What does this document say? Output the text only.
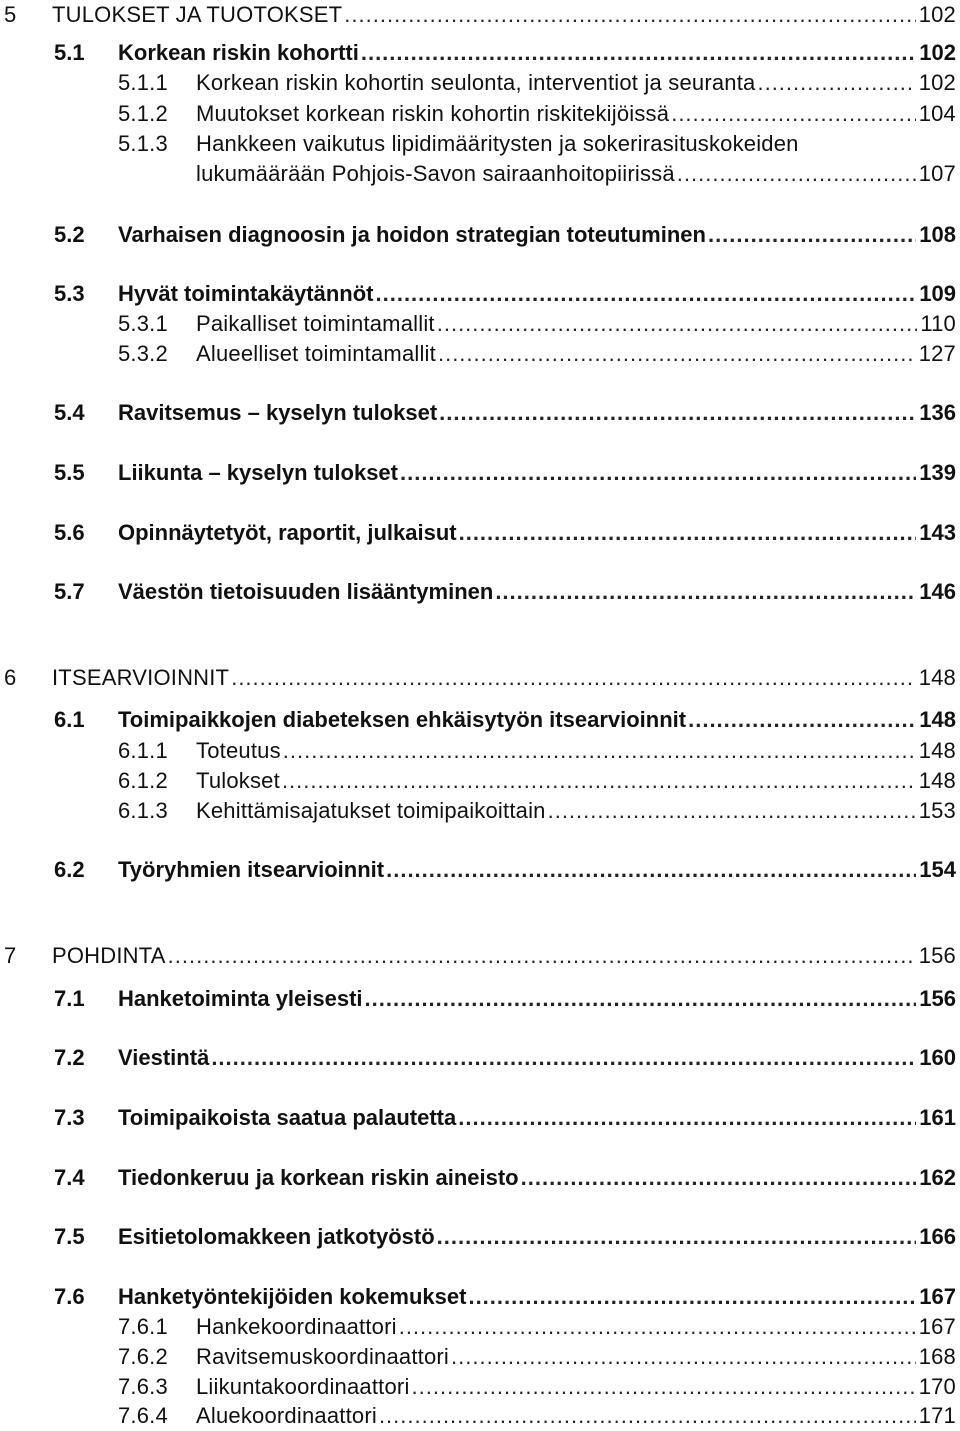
5 TULOKSET JA TUOTOKSET .....	102
5.1 Korkean riskin kohortti .....	102
5.1.1 Korkean riskin kohortin seulonta, interventiot ja seuranta .....	102
5.1.2 Muutokset korkean riskin kohortin riskitekijöissä .....	104
5.1.3 Hankkeen vaikutus lipidimääritysten ja sokerirasituskokeiden
lukumäärään Pohjois-Savon sairaanhoitopiirissä .....	107
5.2 Varhaisen diagnoosin ja hoidon strategian toteutuminen .....	108
5.3 Hyvät toimintakäytännöt .....	109
5.3.1 Paikalliset toimintamallit .....	110
5.3.2 Alueelliset toimintamallit .....	127
5.4 Ravitsemus – kyselyn tulokset .....	136
5.5 Liikunta – kyselyn tulokset .....	139
5.6 Opinnäytetyöt, raportit, julkaisut .....	143
5.7 Väestön tietoisuuden lisääntyminen .....	146
6 ITSEARVIOINNIT .....	148
6.1 Toimipaikkojen diabeteksen ehkäisytyön itsearvioinnit .....	148
6.1.1 Toteutus .....	148
6.1.2 Tulokset .....	148
6.1.3 Kehittämisajatukset toimipaikoittain .....	153
6.2 Työryhmien itsearvioinnit .....	154
7 POHDINTA .....	156
7.1 Hanketoiminta yleisesti .....	156
7.2 Viestintä .....	160
7.3 Toimipaikoista saatua palautetta .....	161
7.4 Tiedonkeruu ja korkean riskin aineisto .....	162
7.5 Esitietolomakkeen jatkotyöstö .....	166
7.6 Hanketyöntekijöiden kokemukset .....	167
7.6.1 Hankekoordinaattori .....	167
7.6.2 Ravitsemuskoordinaattori .....	168
7.6.3 Liikuntakoordinaattori .....	170
7.6.4 Aluekoordinaattori .....	171
